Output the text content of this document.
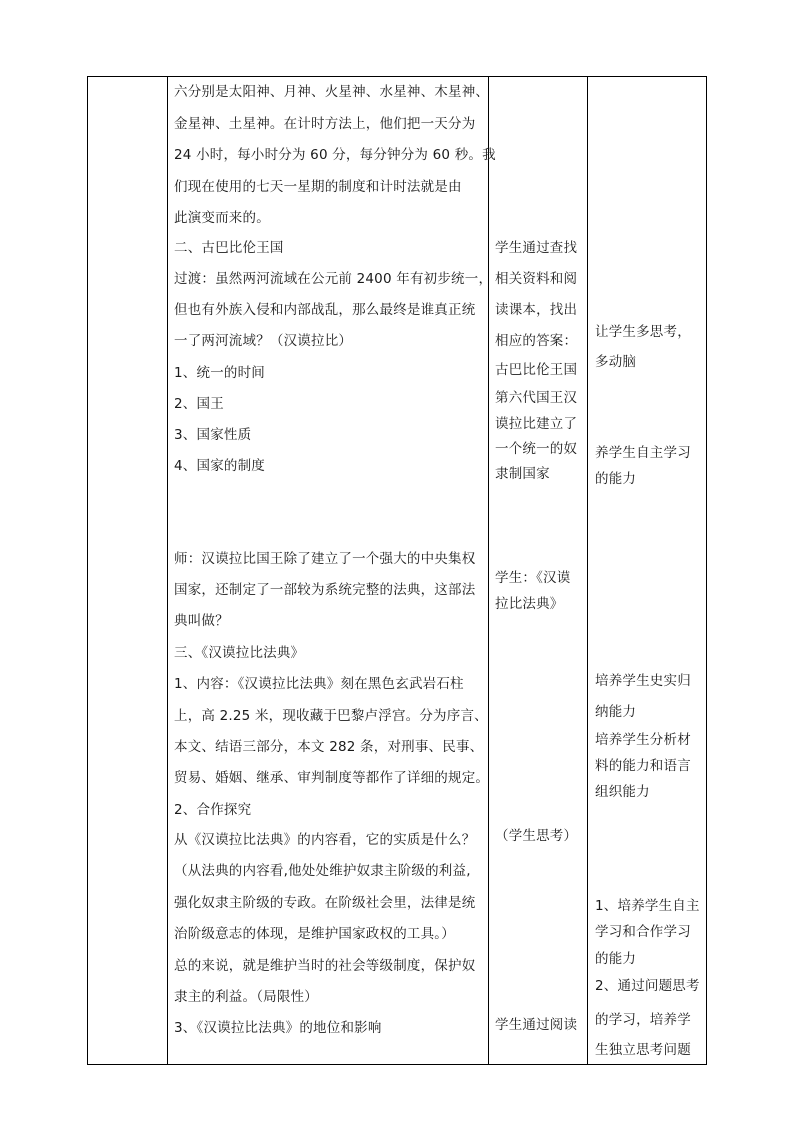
六分别是太阳神、月神、火星神、水星神、木星神、
金星神、土星神。在计时方法上，他们把一天分为
24 小时，每小时分为 60 分，每分钟分为 60 秒。我
们现在使用的七天一星期的制度和计时法就是由
此演变而来的。
二、古巴比伦王国
过渡：虽然两河流域在公元前 2400 年有初步统一，
但也有外族入侵和内部战乱，那么最终是谁真正统
一了两河流域？（汉谟拉比）
1、统一的时间
2、国王
3、国家性质
4、国家的制度
师：汉谟拉比国王除了建立了一个强大的中央集权
国家，还制定了一部较为系统完整的法典，这部法
典叫做？
三、《汉谟拉比法典》
1、内容：《汉谟拉比法典》刻在黑色玄武岩石柱
上，高 2.25 米，现收藏于巴黎卢浮宫。分为序言、
本文、结语三部分，本文 282 条，对刑事、民事、
贸易、婚姻、继承、审判制度等都作了详细的规定。
2、合作探究
从《汉谟拉比法典》的内容看，它的实质是什么？
（从法典的内容看,他处处维护奴隶主阶级的利益,
强化奴隶主阶级的专政。在阶级社会里，法律是统
治阶级意志的体现，是维护国家政权的工具。）
总的来说，就是维护当时的社会等级制度，保护奴
隶主的利益。（局限性）
3、《汉谟拉比法典》的地位和影响
学生通过查找
相关资料和阅
读课本，找出
相应的答案：
古巴比伦王国
第六代国王汉
谟拉比建立了
一个统一的奴
隶制国家
学生：《汉谟
拉比法典》
（学生思考）
学生通过阅读
让学生多思考，
多动脑
养学生自主学习
的能力
培养学生史实归
纳能力
培养学生分析材
料的能力和语言
组织能力
1、培养学生自主
学习和合作学习
的能力
2、通过问题思考
的学习，培养学
生独立思考问题
